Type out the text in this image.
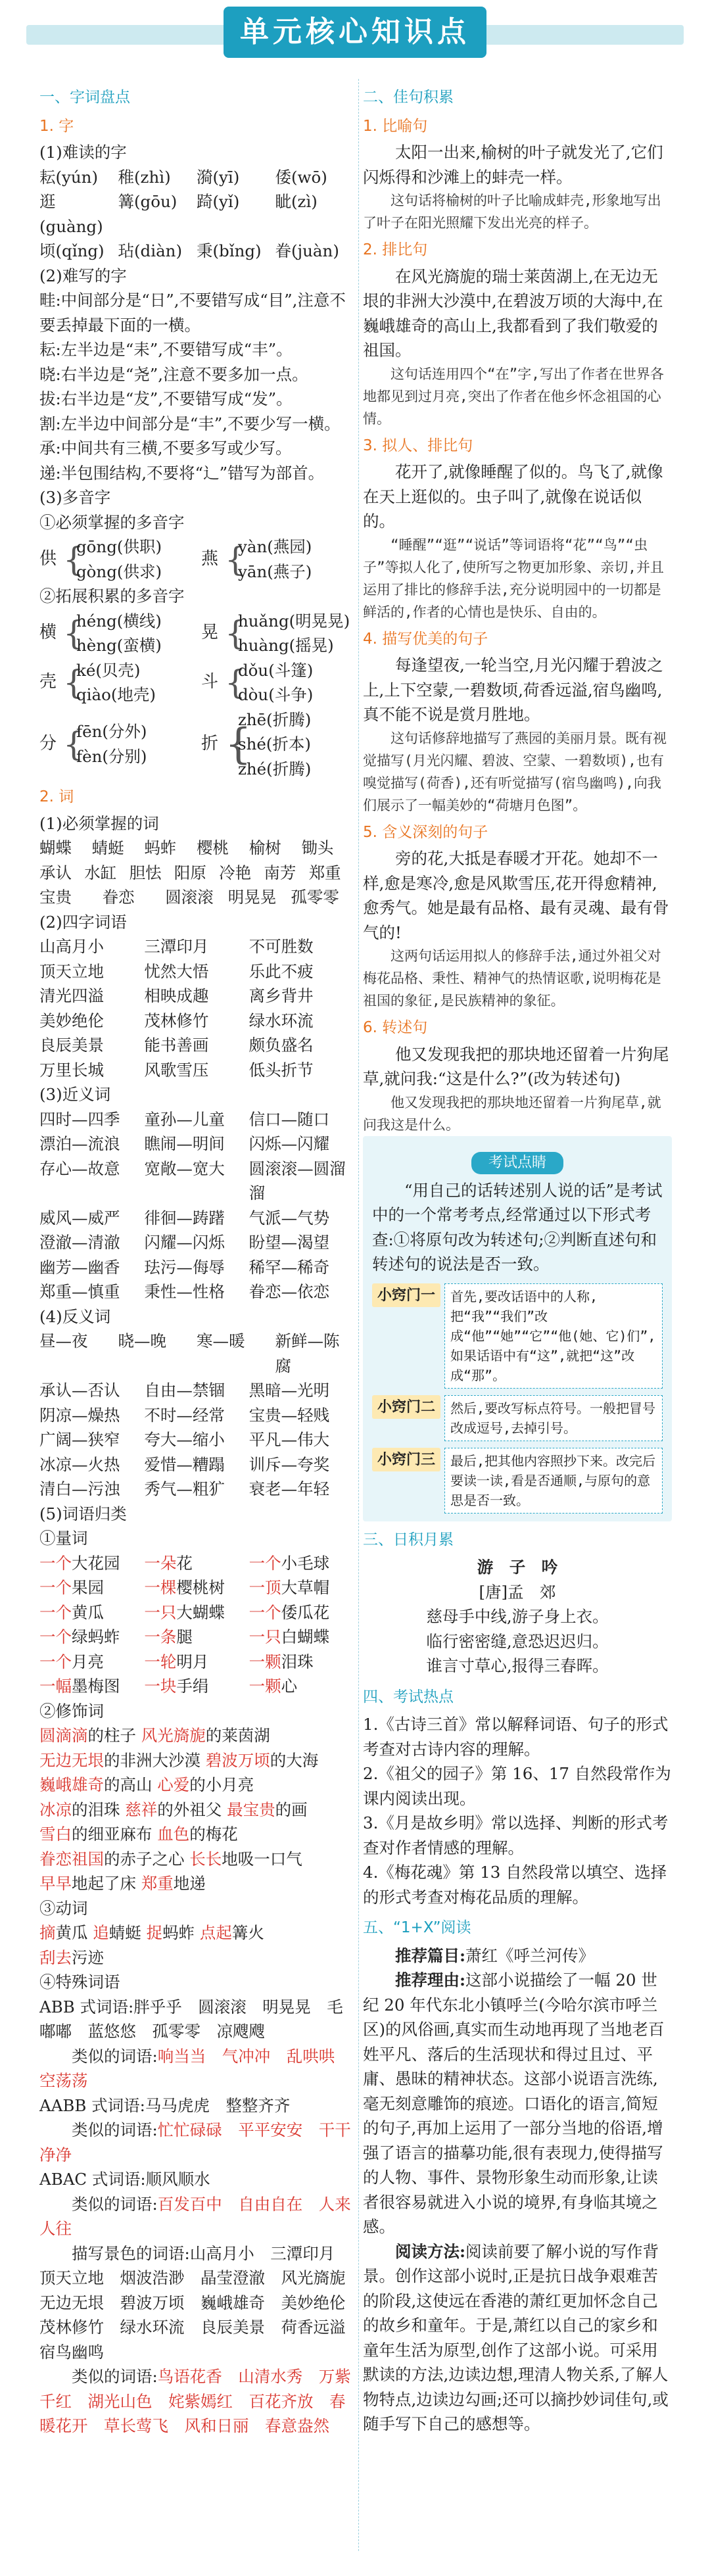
单元核心知识点
一、字词盘点
1. 字

(1)难读的字

耘(yún)	稚(zhì)	漪(yī)	倭(wō)
逛(guàng)
篝(gōu)	踦(yǐ)	眦(zì)
顷(qǐng) 玷(diàn) 秉(bǐng) 眷(juàn)

(2)难写的字

畦:中间部分是“日”,不要错写成“目”,注意不要丢掉最下面的一横。

耘:左半边是“耒”,不要错写成“丰”。

晓:右半边是“尧”,注意不要多加一点。

拔:右半边是“犮”,不要错写成“发”。

割:左半边中间部分是“丰”,不要少写一横。

承:中间共有三横,不要多写或少写。

递:半包围结构,不要将“辶”错写为部首。

(3)多音字

①必须掌握的多音字

供 {
gōng(供职)
gòng(供求)
燕 {
yàn(燕园)
yān(燕子)

②拓展积累的多音字

横 {
héng(横线)
hèng(蛮横)
晃 {
huǎng(明晃晃)
huàng(摇晃)
壳 {
ké(贝壳)
qiào(地壳)
斗 {
dǒu(斗篷)
dòu(斗争)
分 {
fēn(分外)
fèn(分别)
折 {
zhē(折腾)
shé(折本)
zhé(折腾)
2. 词

(1)必须掌握的词

蝴蝶	蜻蜓	蚂蚱	樱桃	榆树	锄头
承认 水缸 胆怯 阳原 冷艳 南芳 郑重
宝贵	眷恋	圆滚滚 明晃晃 孤零零

(2)四字词语

山高月小	三潭印月	不可胜数
顶天立地	忧然大悟	乐此不疲
清光四溢	相映成趣	离乡背井
美妙绝伦	茂林修竹	绿水环流
良辰美景	能书善画	颇负盛名
万里长城	风歌雪压	低头折节

(3)近义词

四时—四季	童孙—儿童	信口—随口
漂泊—流浪	瞧闹—明间	闪烁—闪耀
存心—故意	宽敞—宽大	圆滚滚—圆溜溜
威风—威严	徘徊—踌躇	气派—气势
澄澈—清澈	闪耀—闪烁	盼望—渴望
幽芳—幽香	珐污—侮辱	稀罕—稀奇
郑重—慎重	秉性—性格	眷恋—依恋

(4)反义词

昼—夜	晓—晚	寒—暖	新鲜—陈腐
承认—否认	自由—禁锢	黑暗—光明
阴凉—燥热	不时—经常	宝贵—轻贱
广阔—狭窄	夸大—缩小	平凡—伟大
冰凉—火热	爱惜—糟蹋	训斥—夸奖
清白—污浊	秀气—粗犷	衰老—年轻

(5)词语归类

①量词

一个大花园	一朵花	一个小毛球
一个果园	一棵樱桃树	一顶大草帽
一个黄瓜	一只大蝴蝶	一个倭瓜花
一个绿蚂蚱	一条腿	一只白蝴蝶
一个月亮	一轮明月	一颗泪珠
一幅墨梅图	一块手绢	一颗心

②修饰词

圆滴滴的柱子 风光旖旎的莱茵湖

无边无垠的非洲大沙漠 碧波万顷的大海

巍峨雄奇的高山 心爱的小月亮

冰凉的泪珠 慈祥的外祖父 最宝贵的画

雪白的细亚麻布 血色的梅花

眷恋祖国的赤子之心 长长地吸一口气

早早地起了床 郑重地递

③动词

摘黄瓜 追蜻蜓 捉蚂蚱 点起篝火

刮去污迹

④特殊词语

ABB 式词语:胖乎乎　圆滚滚　明晃晃　毛嘟嘟　蓝悠悠　孤零零　凉飕飕

类似的词语:响当当　气冲冲　乱哄哄　空荡荡

AABB 式词语:马马虎虎　整整齐齐

类似的词语:忙忙碌碌　平平安安　干干净净

ABAC 式词语:顺风顺水

类似的词语:百发百中　自由自在　人来人往

描写景色的词语:山高月小　三潭印月　顶天立地　烟波浩渺　晶莹澄澈　风光旖旎　无边无垠　碧波万顷　巍峨雄奇　美妙绝伦　茂林修竹　绿水环流　良辰美景　荷香远溢　宿鸟幽鸣

类似的词语:鸟语花香　山清水秀　万紫千红　湖光山色　姹紫嫣红　百花齐放　春暖花开　草长莺飞　风和日丽　春意盎然

二、佳句积累
1. 比喻句

太阳一出来,榆树的叶子就发光了,它们闪烁得和沙滩上的蚌壳一样。

这句话将榆树的叶子比喻成蚌壳,形象地写出了叶子在阳光照耀下发出光亮的样子。

2. 排比句

在风光旖旎的瑞士莱茵湖上,在无边无垠的非洲大沙漠中,在碧波万顷的大海中,在巍峨雄奇的高山上,我都看到了我们敬爱的祖国。

这句话连用四个“在”字,写出了作者在世界各地都见到过月亮,突出了作者在他乡怀念祖国的心情。

3. 拟人、排比句

花开了,就像睡醒了似的。鸟飞了,就像在天上逛似的。虫子叫了,就像在说话似的。

“睡醒”“逛”“说话”等词语将“花”“鸟”“虫子”等拟人化了,使所写之物更加形象、亲切,并且运用了排比的修辞手法,充分说明园中的一切都是鲜活的,作者的心情也是快乐、自由的。

4. 描写优美的句子

每逢望夜,一轮当空,月光闪耀于碧波之上,上下空蒙,一碧数顷,荷香远溢,宿鸟幽鸣,真不能不说是赏月胜地。

这句话修辞地描写了燕园的美丽月景。既有视觉描写(月光闪耀、碧波、空蒙、一碧数顷),也有嗅觉描写(荷香),还有听觉描写(宿鸟幽鸣),向我们展示了一幅美妙的“荷塘月色图”。

5. 含义深刻的句子

旁的花,大抵是春暖才开花。她却不一样,愈是寒冷,愈是风欺雪压,花开得愈精神,愈秀气。她是最有品格、最有灵魂、最有骨气的!

这两句话运用拟人的修辞手法,通过外祖父对梅花品格、秉性、精神气的热情讴歌,说明梅花是祖国的象征,是民族精神的象征。

6. 转述句

他又发现我把的那块地还留着一片狗尾草,就问我:“这是什么?”(改为转述句)

他又发现我把的那块地还留着一片狗尾草,就问我这是什么。

考试点睛

“用自己的话转述别人说的话”是考试中的一个常考考点,经常通过以下形式考查:①将原句改为转述句;②判断直述句和转述句的说法是否一致。

小窍门一	首先,要改话语中的人称,把“我”“我们”改成“他”“她”“它”“他(她、它)们”,如果话语中有“这”,就把“这”改成“那”。
小窍门二	然后,要改写标点符号。一般把冒号改成逗号,去掉引号。
小窍门三	最后,把其他内容照抄下来。改完后要读一读,看是否通顺,与原句的意思是否一致。
三、日积月累

游　子　吟

[唐]孟　郊

慈母手中线,游子身上衣。

临行密密缝,意恐迟迟归。

谁言寸草心,报得三春晖。

四、考试热点

1.《古诗三首》常以解释词语、句子的形式考查对古诗内容的理解。

2.《祖父的园子》第 16、17 自然段常作为课内阅读出现。

3.《月是故乡明》常以选择、判断的形式考查对作者情感的理解。

4.《梅花魂》第 13 自然段常以填空、选择的形式考查对梅花品质的理解。

五、“1+X”阅读

推荐篇目:萧红《呼兰河传》

推荐理由:这部小说描绘了一幅 20 世纪 20 年代东北小镇呼兰(今哈尔滨市呼兰区)的风俗画,真实而生动地再现了当地老百姓平凡、落后的生活现状和得过且过、平庸、愚昧的精神状态。这部小说语言洗练,毫无刻意雕饰的痕迹。口语化的语言,简短的句子,再加上运用了一部分当地的俗语,增强了语言的描摹功能,很有表现力,使得描写的人物、事件、景物形象生动而形象,让读者很容易就进入小说的境界,有身临其境之感。

阅读方法:阅读前要了解小说的写作背景。创作这部小说时,正是抗日战争艰难苦的阶段,这使远在香港的萧红更加怀念自己的故乡和童年。于是,萧红以自己的家乡和童年生活为原型,创作了这部小说。可采用默读的方法,边读边想,理清人物关系,了解人物特点,边读边勾画;还可以摘抄妙词佳句,或随手写下自己的感想等。
